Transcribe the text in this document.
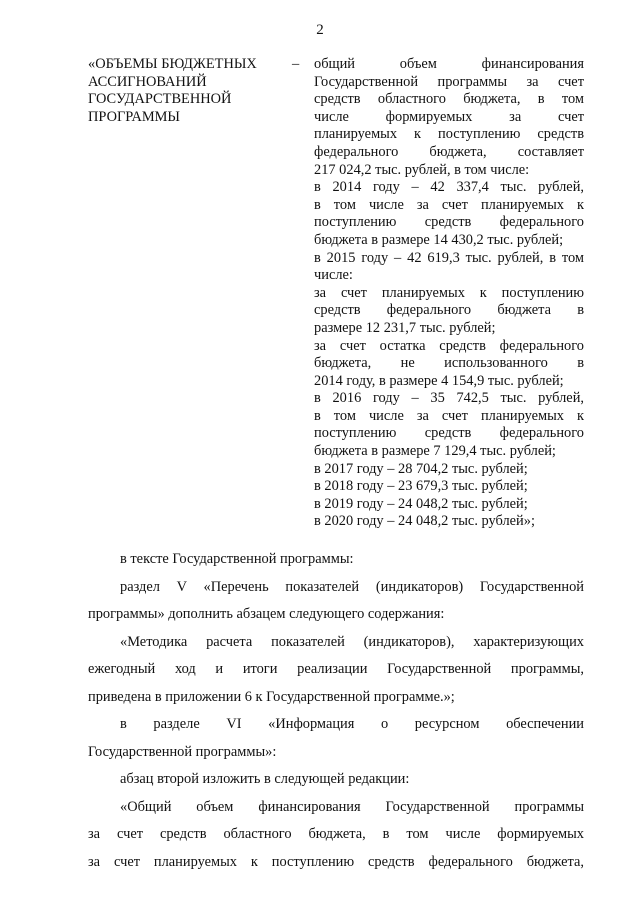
2
«ОБЪЕМЫ БЮДЖЕТНЫХ
АССИГНОВАНИЙ
ГОСУДАРСТВЕННОЙ
ПРОГРАММЫ
–	общий объем финансирования
Государственной программы за счет
средств областного бюджета, в том
числе формируемых за счет
планируемых к поступлению средств
федерального бюджета, составляет
217 024,2 тыс. рублей, в том числе:
в 2014 году – 42 337,4 тыс. рублей,
в том числе за счет планируемых к
поступлению средств федерального
бюджета в размере 14 430,2 тыс. рублей;
в 2015 году – 42 619,3 тыс. рублей, в том
числе:
за счет планируемых к поступлению
средств федерального бюджета в
размере 12 231,7 тыс. рублей;
за счет остатка средств федерального
бюджета, не использованного в
2014 году, в размере 4 154,9 тыс. рублей;
в 2016 году – 35 742,5 тыс. рублей,
в том числе за счет планируемых к
поступлению средств федерального
бюджета в размере 7 129,4 тыс. рублей;
в 2017 году – 28 704,2 тыс. рублей;
в 2018 году – 23 679,3 тыс. рублей;
в 2019 году – 24 048,2 тыс. рублей;
в 2020 году – 24 048,2 тыс. рублей»;
в тексте Государственной программы:
раздел V «Перечень показателей (индикаторов) Государственной
программы» дополнить абзацем следующего содержания:
«Методика расчета показателей (индикаторов), характеризующих
ежегодный ход и итоги реализации Государственной программы,
приведена в приложении 6 к Государственной программе.»;
в разделе VI «Информация о ресурсном обеспечении
Государственной программы»:
абзац второй изложить в следующей редакции:
«Общий объем финансирования Государственной программы
за счет средств областного бюджета, в том числе формируемых
за счет планируемых к поступлению средств федерального бюджета,
